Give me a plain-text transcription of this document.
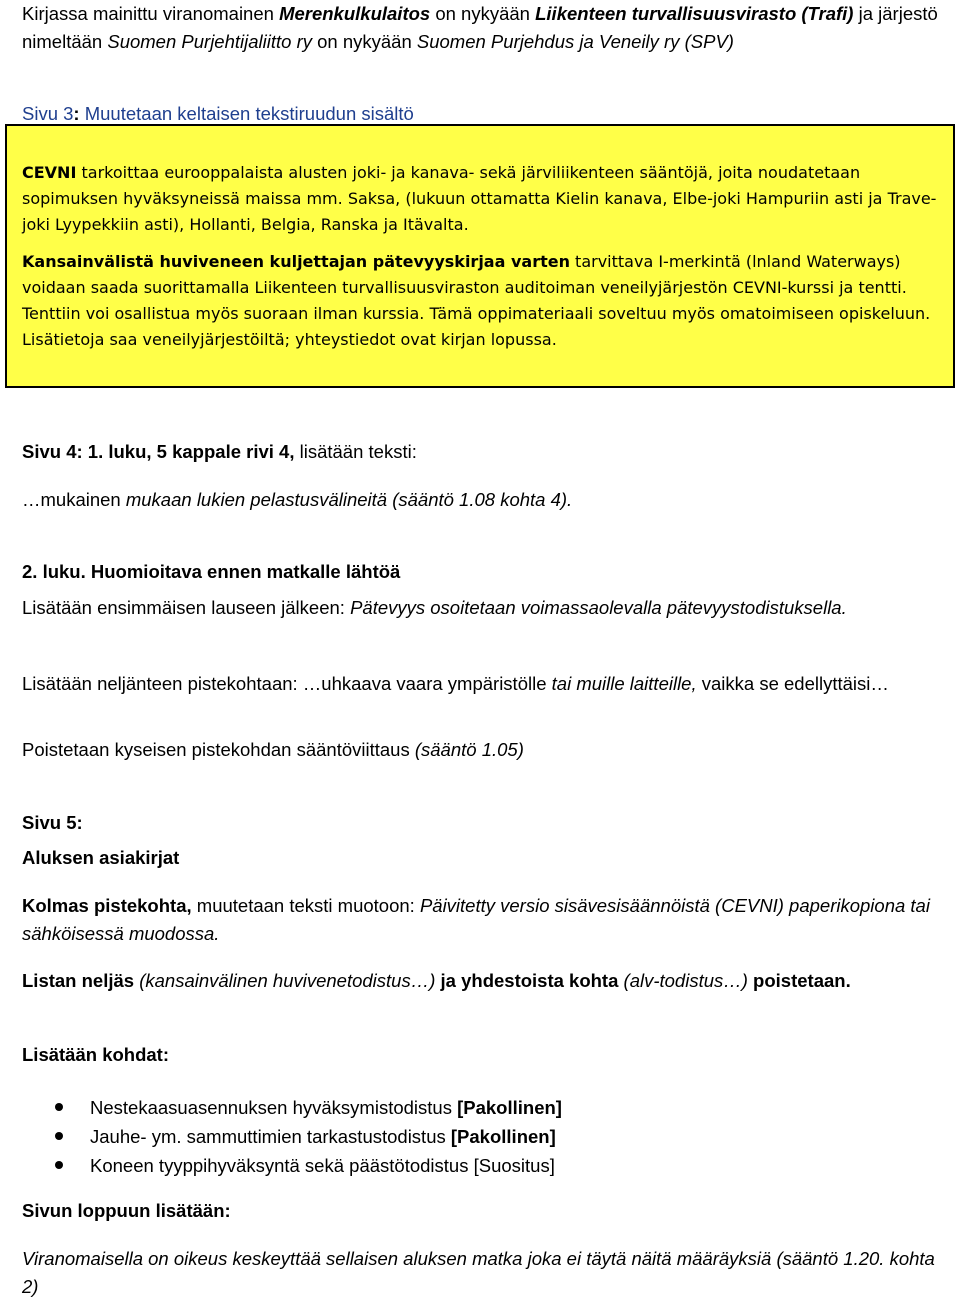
Kirjassa mainittu viranomainen Merenkulkulaitos on nykyään Liikenteen turvallisuusvirasto (Trafi) ja järjestö nimeltään Suomen Purjehtijaliitto ry on nykyään Suomen Purjehdus ja Veneily ry (SPV)
Sivu 3: Muutetaan keltaisen tekstiruudun sisältö
CEVNI tarkoittaa eurooppalaista alusten joki- ja kanava- sekä järviliikenteen sääntöjä, joita noudatetaan sopimuksen hyväksyneissä maissa mm. Saksa, (lukuun ottamatta Kielin kanava, Elbe-joki Hampuriin asti ja Trave-joki Lyypekkiin asti), Hollanti, Belgia, Ranska ja Itävalta.
Kansainvälistä huviveneen kuljettajan pätevyyskirjaa varten tarvittava I-merkintä (lnland Waterways) voidaan saada suorittamalla Liikenteen turvallisuusviraston auditoiman veneilyjärjestön CEVNI-kurssi ja tentti. Tenttiin voi osallistua myös suoraan ilman kurssia. Tämä oppimateriaali soveltuu myös omatoimiseen opiskeluun. Lisätietoja saa veneilyjärjestöiltä; yhteystiedot ovat kirjan lopussa.
Sivu 4: 1. luku, 5 kappale rivi 4, lisätään teksti:
…mukainen mukaan lukien pelastusvälineitä (sääntö 1.08 kohta 4).
2. luku. Huomioitava ennen matkalle lähtöä
Lisätään ensimmäisen lauseen jälkeen: Pätevyys osoitetaan voimassaolevalla pätevyystodistuksella.
Lisätään neljänteen pistekohtaan: …uhkaava vaara ympäristölle tai muille laitteille, vaikka se edellyttäisi…
Poistetaan kyseisen pistekohdan sääntöviittaus (sääntö 1.05)
Sivu 5:
Aluksen asiakirjat
Kolmas pistekohta, muutetaan teksti muotoon: Päivitetty versio sisävesisäännöistä (CEVNI) paperikopiona tai sähköisessä muodossa.
Listan neljäs (kansainvälinen huvivenetodistus…) ja yhdestoista kohta (alv-todistus…) poistetaan.
Lisätään kohdat:
Nestekaasuasennuksen hyväksymistodistus [Pakollinen]
Jauhe- ym. sammuttimien tarkastustodistus [Pakollinen]
Koneen tyyppihyväksyntä sekä päästötodistus [Suositus]
Sivun loppuun lisätään:
Viranomaisella on oikeus keskeyttää sellaisen aluksen matka joka ei täytä näitä määräyksiä (sääntö 1.20. kohta 2)
